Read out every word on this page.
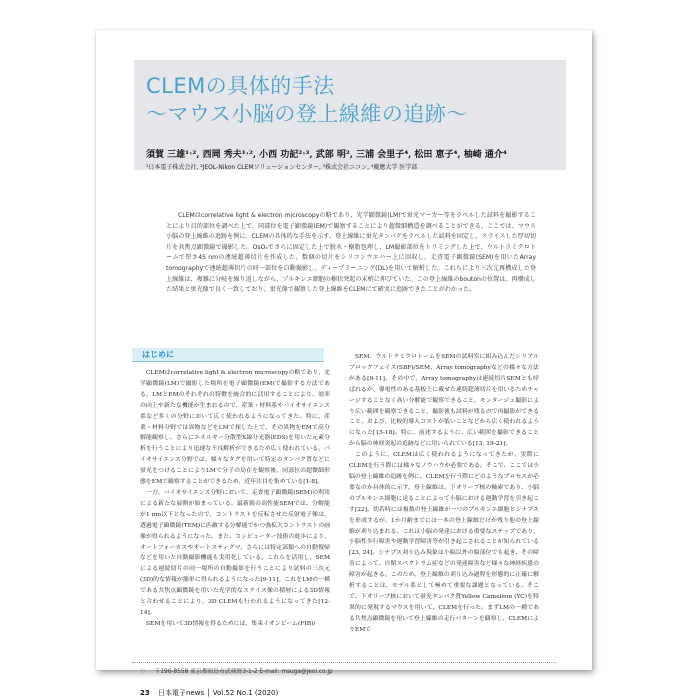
CLEMの具体的手法
～マウス小脳の登上線維の追跡～
須賀 三雄¹˒², 西岡 秀夫¹˒², 小西 功記²˒³, 武部 明², 三浦 会里子⁴, 松田 恵子⁴, 柚崎 通介⁴
¹日本電子株式会社, ²JEOL-Nikon CLEMソリューションセンター, ³株式会社ニコン, ⁴慶應大学 医学部
CLEMはcorrelative light & electron microscopyの略であり、光学顕微鏡(LM)で蛍光マーカー等をラベルした試料を撮影することにより目的部位を調べた上で、同部位を電子顕微鏡(EM)で観察することにより超微細構造を調べることができる。ここでは、マウス小脳の登上線維の追跡を例に、CLEMの具体的な手法を示す。登上線維に蛍光タンパクをラベルした試料を固定し、スライスした厚切切片を共焦点顕微鏡で撮影した。OsO₄でさらに固定した上で脱水・樹脂包埋し、LM撮影部位をトリミングした上で、ウルトラミクロトームで厚さ45 nmの連続超薄切片を作成した。数個の切片をシリコンウエハー上に回収し、走査電子顕微鏡(SEM)を用いたArray tomographyで連続超薄切片の同一部位を自動撮影し、ディープラーニング(DL)を用いて解析した。これらにより三次元再構成した登上線維は、複雑に分岐を繰り返しながら、プルキンエ細胞の樹状突起の末梢に伸びていた。この登上線維のboutonの位置は、再構成した結果と蛍光像で良く一致しており、蛍光像で観察した登上線維をCLEMにて確実に追跡できたことがわかった。
はじめに

CLEMはcorrelative light & electron microscopyの略であり、光学顕微鏡(LM)で撮影した場所を電子顕微鏡(EM)で撮影する方法である。LMとEMのそれぞれの特徴を統合的に活用することにより、効率の向上や新たな機能が生まれるので、産業・材料系やバイオサイエンス系など多くの分野において広く使われるようになってきた。特に、産業・材料分野では異物などをLMで探した上で、その異物をEMで高分解能観察し、さらにエネルギー分散型X線分光器(EDS)を用いた元素分析を行うことにより迅速な不良解析ができるため広く使われている。バイオサイエンス分野では、様々なタグを用いて特定のタンパク質などに蛍光をつけることによりLMで分子の局在を観察後、同部位の超微細形態をEMで観察することができるため、近年注目を集めている[1-8]。

一方、バイオサイエンス分野において、走査電子顕微鏡(SEM)の利用による新たな展開が始まっている。最新鋭の高性能SEMでは、分解能が1 nm以下となったので、コントラストを反転させた反射電子像は、透過電子顕微鏡(TEM)に匹敵する分解能でかつ強拡大コントラストの画像が得られるようになった。また、コンピューター技術の進歩により、オートフォーカスやオートスティグマ、さらには特定部類への自動復帰などを用いた自動撮影機能も実用化している。これらを活用し、SEMによる連続切片の同一場所の自動撮影を行うことにより試料の三次元(3D)的な情報が簡単に得られるようになった[9-11]。これをLMの一種である共焦点顕微鏡を用いた光学的なスライス像の積層による3D情報と合わせることにより、3D CLEMも行われるようになってきた[12-14]。

SEMを用いて3D情報を得るためには、集束イオンビーム(FIB)/

SEM、ウルトラミクロトームをSEMの試料室に組み込んだシリアルブロックフェイス(SBF)/SEM、Array tomographyなどの様々な方法がある[9-11]。その中で、Array tomographyは連続切片SEMとも呼ばれるが、導電性のある基板上に載せた連続超薄切片を用いるためチャージすることなく高い分解能で観察できること、モンタージュ撮影により広い範囲を観察できること、撮影後も試料が残るので再撮影ができること、および、比較的導入コストが低いことなどから広く使われるようになった[15-18]。特に、前述するように、広い範囲を撮影できることから脳の神経突起の追跡などに用いられている[13, 19-21]。

このように、CLEMは広く使われるようになってきたが、実際にCLEMを行う際には様々なノウハウが必要である。そこで、ここでは小脳の登上線維の追跡を例に、CLEMを行う際にどのようなプロセスが必要なのか具体的に示す。登上線維は、下オリーブ核の軸索であり、小脳のプルキンエ細胞に送ることによって小脳における運動学習を引き起こす[22]。幼若時には複数の登上線維が一つのプルキンエ細胞とシナプスを形成するが、1か月齢までには一本の登上線維だけが残り他の登上線維が刈り込まれる。これは小脳の発達における重要なステップであり、小脳性歩行障害や運動学習障害等が引き起こされることが知られている[23, 24]。シナプス刈り込み現象は小脳以外の脳部位でも起き、その障害によって、自閉スペクトラム症などの発達障害など様々な神経疾患の障害が起きる。このため、登上線維の刈り込み過程を形態的に正確に解析することは、モデル系として極めて重要な課題となっている。そこで、下オリーブ核において蛍光タンパク質Yellow Cameleon (YC)を特異的に発現するマウスを用いて、CLEMを行った。まずLMの一種である共焦点顕微鏡を用いて登上線維の走行パターンを観察し、CLEMによりEMで

〉〉 〒196-8558 東京都昭島市武蔵野3-1-2 E-mail: msuga@jeol.co.jp
23 日本電子news │ Vol.52 No.1 (2020)
